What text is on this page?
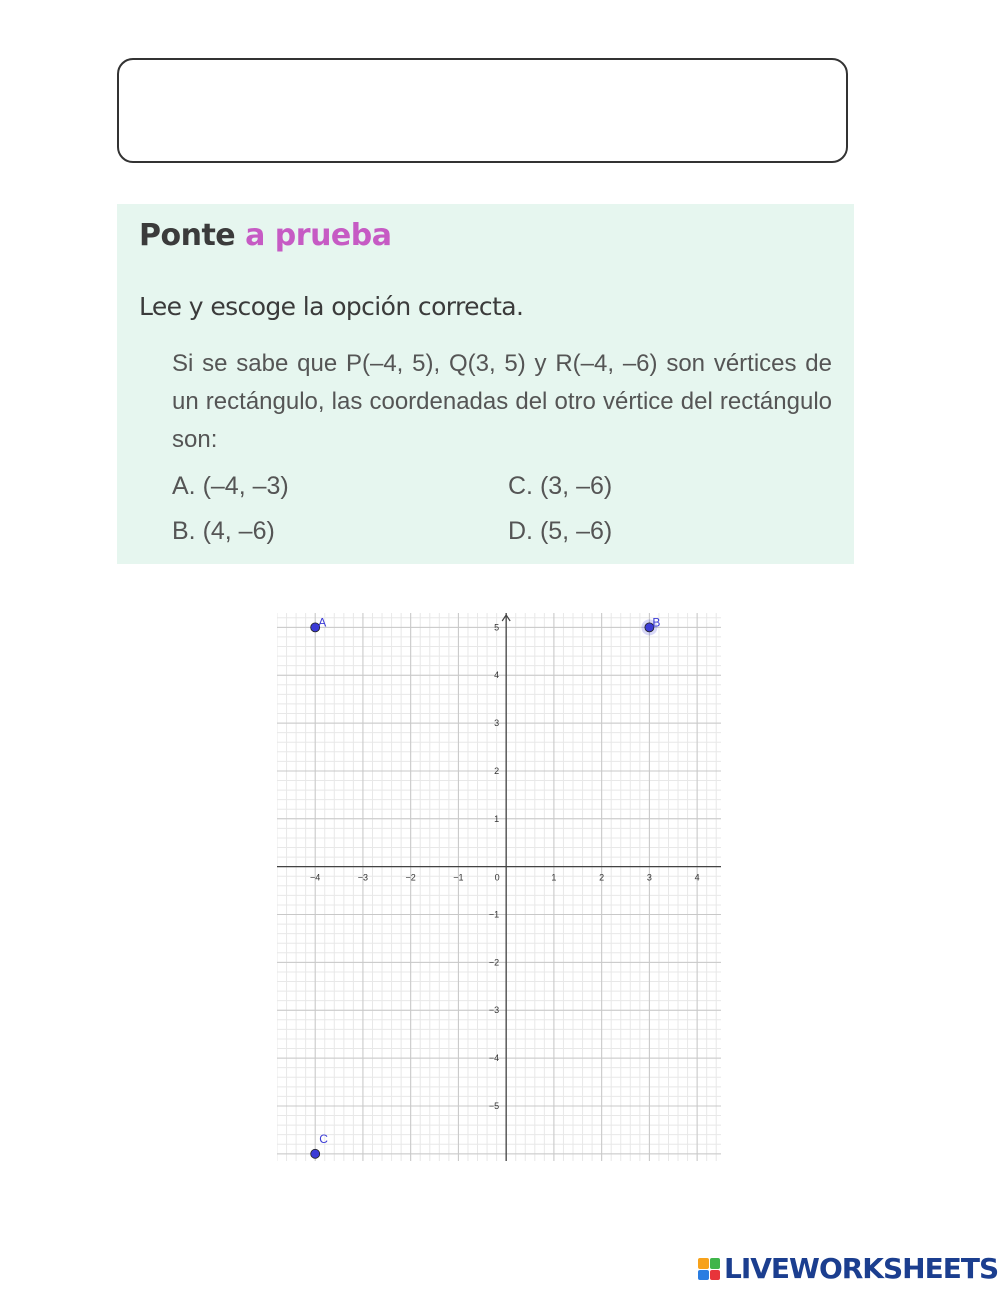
Ponte a prueba
Lee y escoge la opción correcta.
Si se sabe que P(–4, 5), Q(3, 5) y R(–4, –6) son vértices de un rectángulo, las coordenadas del otro vértice del rectángulo son:
A. (–4, –3)
B. (4, –6)
C. (3, –6)
D. (5, –6)
−4	−3	−2	−1	1	2	3	4
−5
−4
−3
−2
−1
1
2
3
4
5
0
A	B
C
LIVEWORKSHEETS
